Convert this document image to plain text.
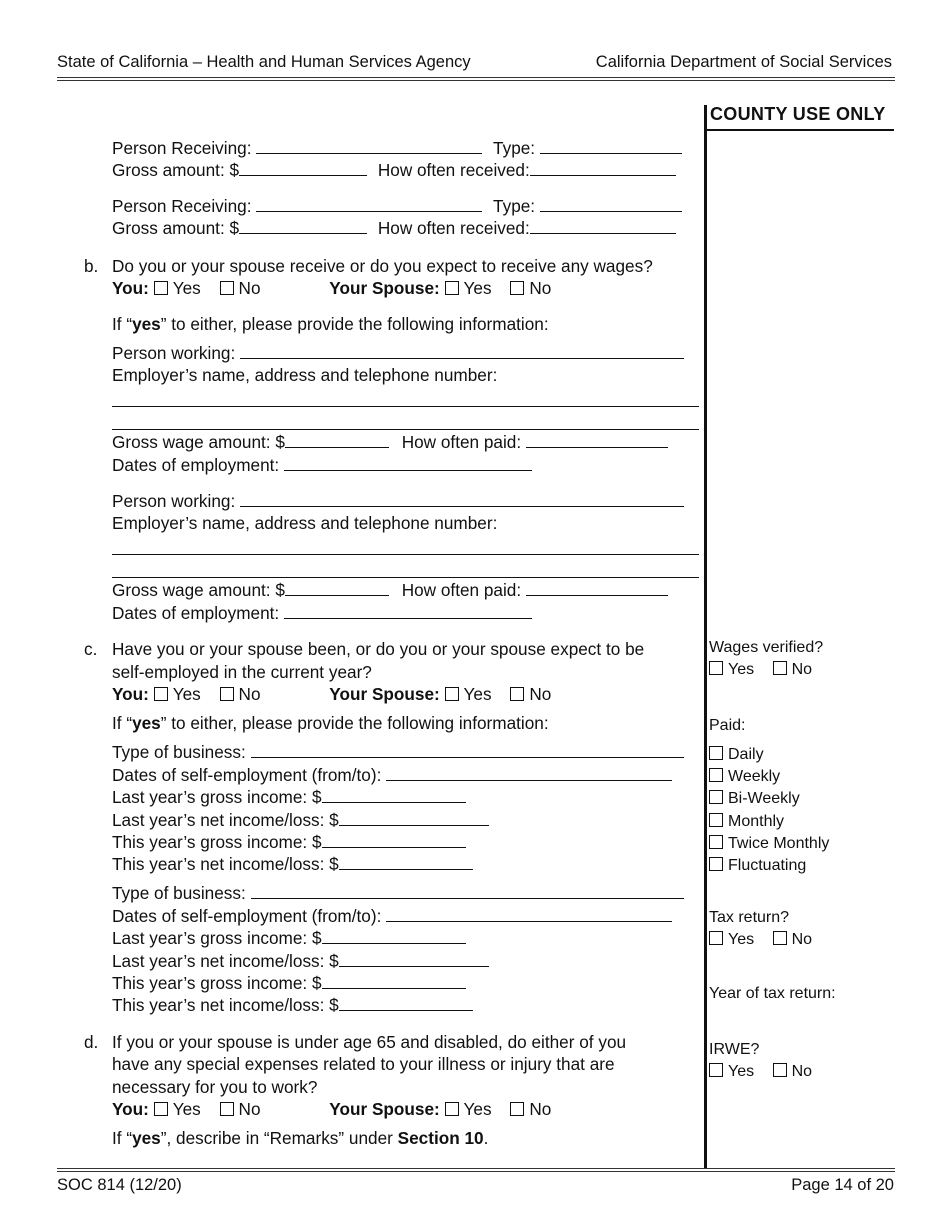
State of California – Health and Human Services Agency	California Department of Social Services
COUNTY USE ONLY
Wages verified?
Yes No
Paid:
Daily
Weekly
Bi-Weekly
Monthly
Twice Monthly
Fluctuating
Tax return?
Yes No
Year of tax return:
IRWE?
Yes No
Person Receiving:	Type:
Gross amount: $	How often received:
Person Receiving:	Type:
Gross amount: $	How often received:
b. Do you or your spouse receive or do you expect to receive any wages?
You: Yes No	Your Spouse: Yes No
If “yes” to either, please provide the following information:
Person working:
Employer’s name, address and telephone number:
Gross wage amount: $	How often paid:
Dates of employment:
Person working:
Employer’s name, address and telephone number:
Gross wage amount: $	How often paid:
Dates of employment:
c. Have you or your spouse been, or do you or your spouse expect to be
self-employed in the current year?
You: Yes No	Your Spouse: Yes No
If “yes” to either, please provide the following information:
Type of business:
Dates of self-employment (from/to):
Last year’s gross income: $
Last year’s net income/loss: $
This year’s gross income: $
This year’s net income/loss: $
Type of business:
Dates of self-employment (from/to):
Last year’s gross income: $
Last year’s net income/loss: $
This year’s gross income: $
This year’s net income/loss: $
d. If you or your spouse is under age 65 and disabled, do either of you
have any special expenses related to your illness or injury that are
necessary for you to work?
You: Yes No	Your Spouse: Yes No
If “yes”, describe in “Remarks” under Section 10.
SOC 814 (12/20)	Page 14 of 20
